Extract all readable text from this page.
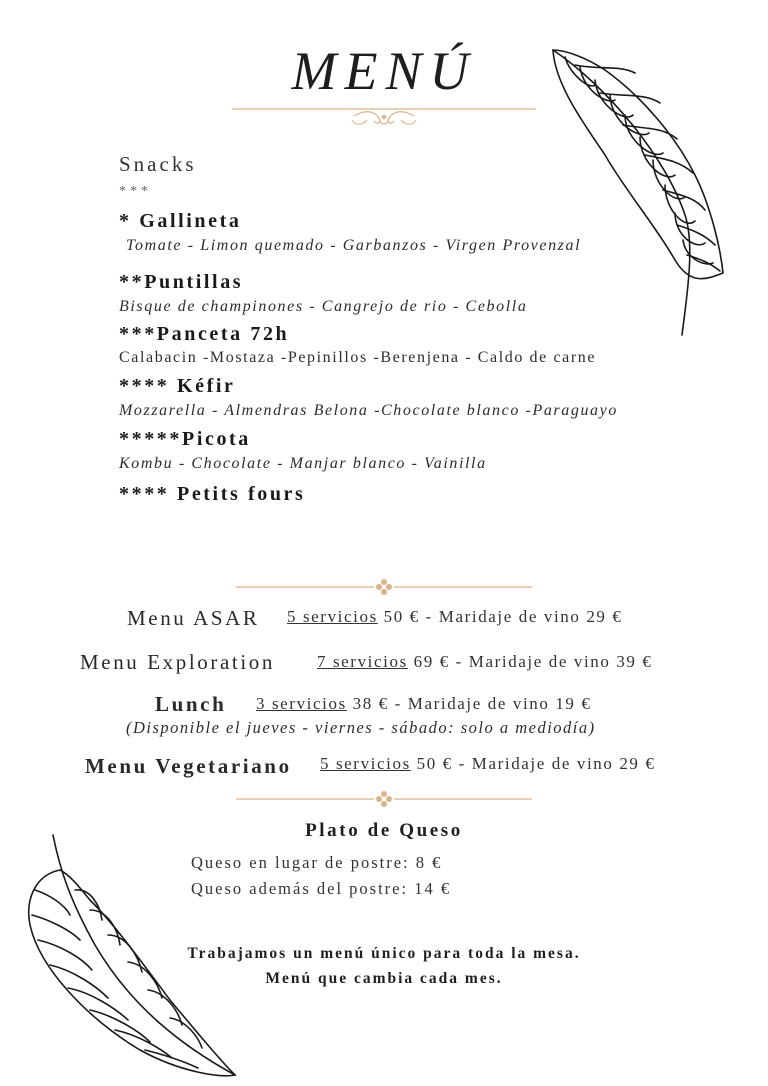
MENÚ
Snacks
***
* Gallineta
Tomate - Limon quemado - Garbanzos - Virgen Provenzal
**Puntillas
Bisque de champinones - Cangrejo de rio - Cebolla
***Panceta 72h
Calabacin -Mostaza -Pepinillos -Berenjena - Caldo de carne
**** Kéfir
Mozzarella - Almendras Belona -Chocolate blanco -Paraguayo
*****Picota
Kombu - Chocolate - Manjar blanco - Vainilla
**** Petits fours
Menu ASAR 5 servicios 50 € - Maridaje de vino 29 €
Menu Exploration 7 servicios 69 € - Maridaje de vino 39 €
Lunch 3 servicios 38 € - Maridaje de vino 19 €
(Disponible el jueves - viernes - sábado: solo a mediodía)
Menu Vegetariano 5 servicios 50 € - Maridaje de vino 29 €
Plato de Queso
Queso en lugar de postre: 8 €
Queso además del postre: 14 €
Trabajamos un menú único para toda la mesa.
Menú que cambia cada mes.
